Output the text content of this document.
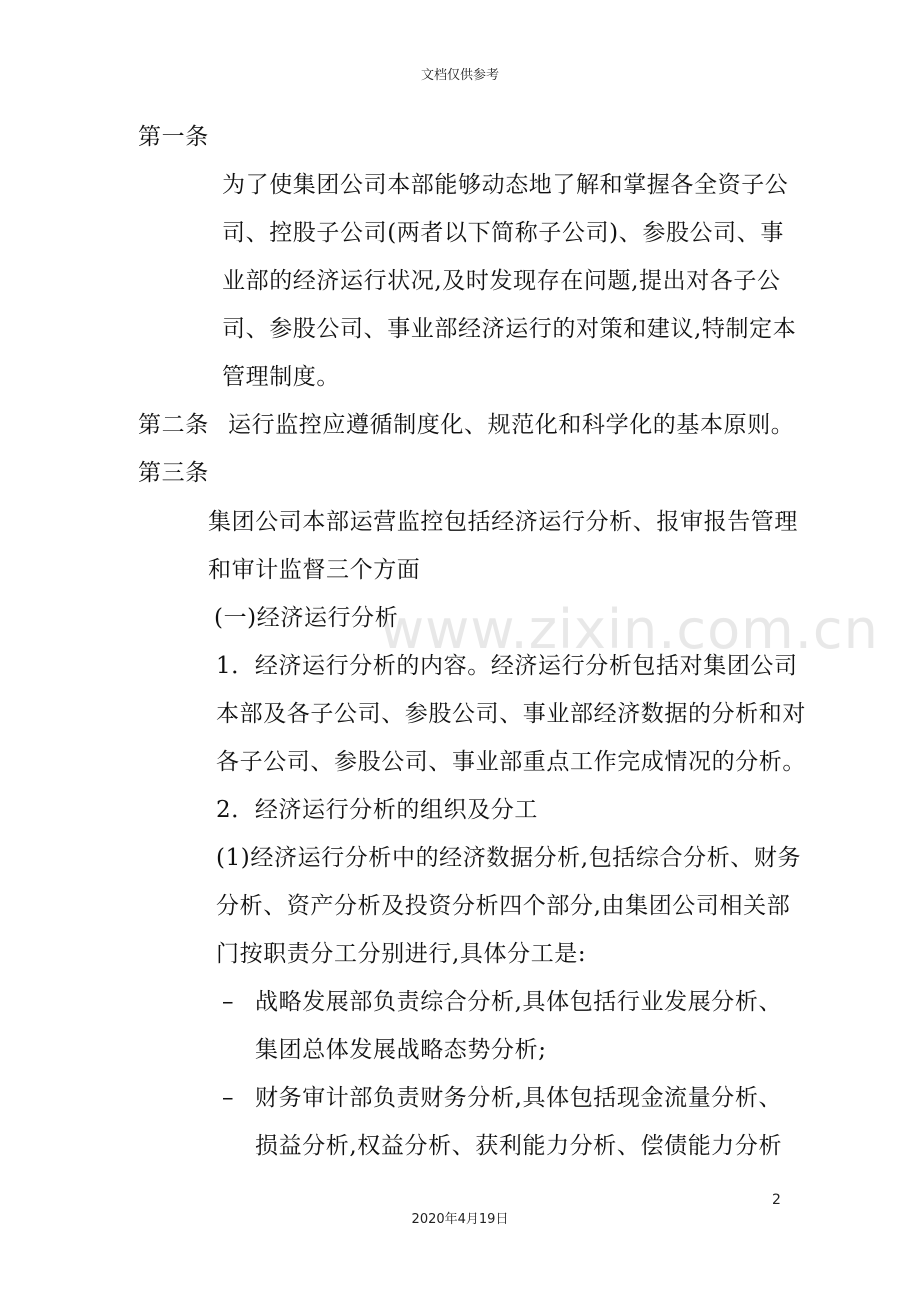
文档仅供参考
www.zixin.com.cn
第一条
为了使集团公司本部能够动态地了解和掌握各全资子公
司、控股子公司(两者以下简称子公司)、参股公司、事
业部的经济运行状况,及时发现存在问题,提出对各子公
司、参股公司、事业部经济运行的对策和建议,特制定本
管理制度。
第二条 运行监控应遵循制度化、规范化和科学化的基本原则。
第三条
集团公司本部运营监控包括经济运行分析、报审报告管理
和审计监督三个方面
(一)经济运行分析
1．经济运行分析的内容。经济运行分析包括对集团公司
本部及各子公司、参股公司、事业部经济数据的分析和对
各子公司、参股公司、事业部重点工作完成情况的分析。
2．经济运行分析的组织及分工
(1)经济运行分析中的经济数据分析,包括综合分析、财务
分析、资产分析及投资分析四个部分,由集团公司相关部
门按职责分工分别进行,具体分工是:
– 战略发展部负责综合分析,具体包括行业发展分析、
集团总体发展战略态势分析;
– 财务审计部负责财务分析,具体包括现金流量分析、
损益分析,权益分析、获利能力分析、偿债能力分析
2
2020年4月19日
